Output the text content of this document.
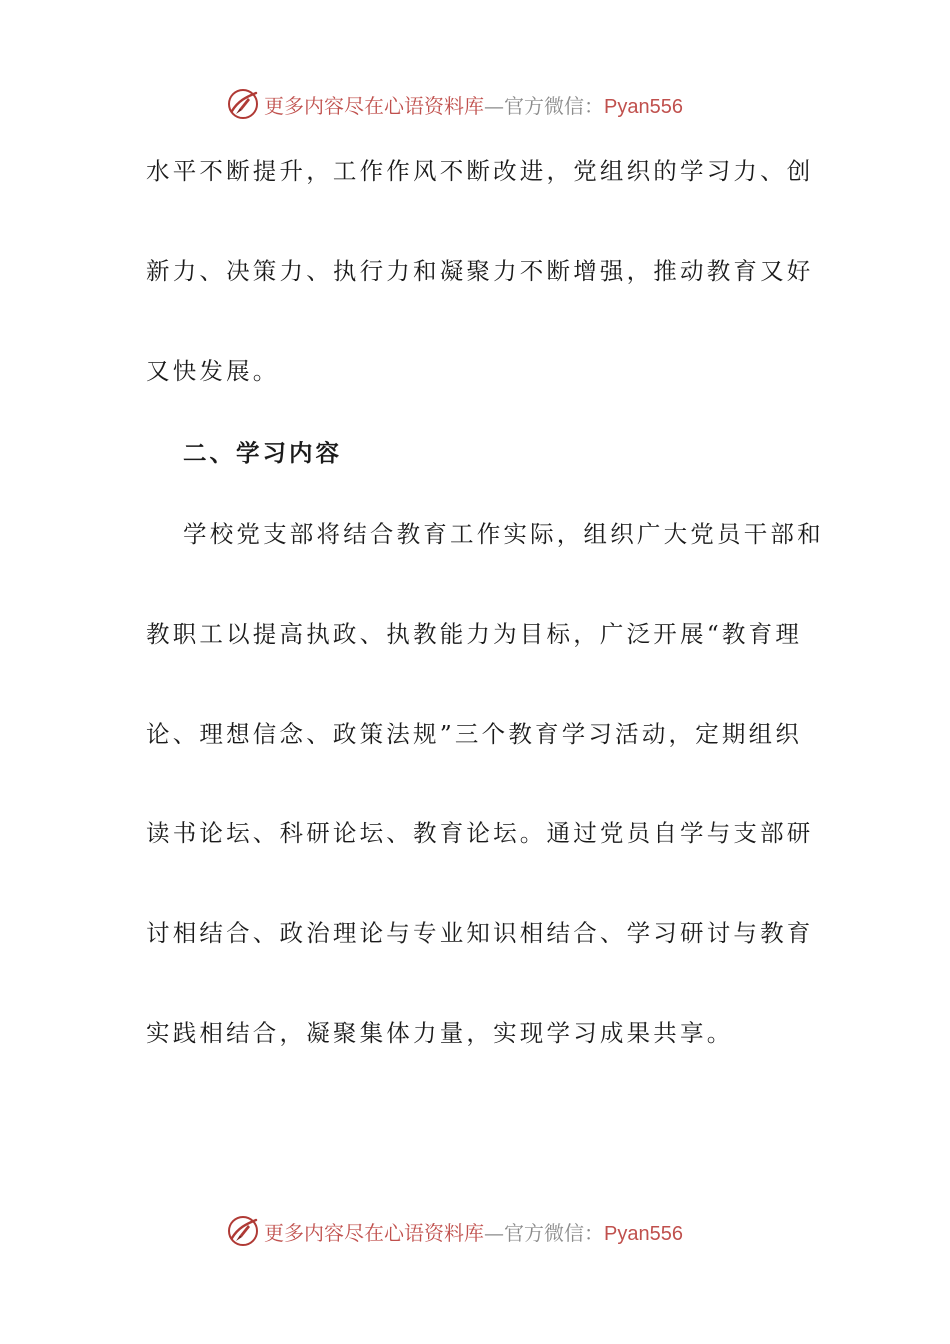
更多内容尽在心语资料库—官方微信：Pyan556
水平不断提升，工作作风不断改进，党组织的学习力、创
新力、决策力、执行力和凝聚力不断增强，推动教育又好
又快发展。
二、学习内容
学校党支部将结合教育工作实际，组织广大党员干部和
教职工以提高执政、执教能力为目标，广泛开展“教育理
论、理想信念、政策法规”三个教育学习活动，定期组织
读书论坛、科研论坛、教育论坛。通过党员自学与支部研
讨相结合、政治理论与专业知识相结合、学习研讨与教育
实践相结合，凝聚集体力量，实现学习成果共享。
更多内容尽在心语资料库—官方微信：Pyan556
